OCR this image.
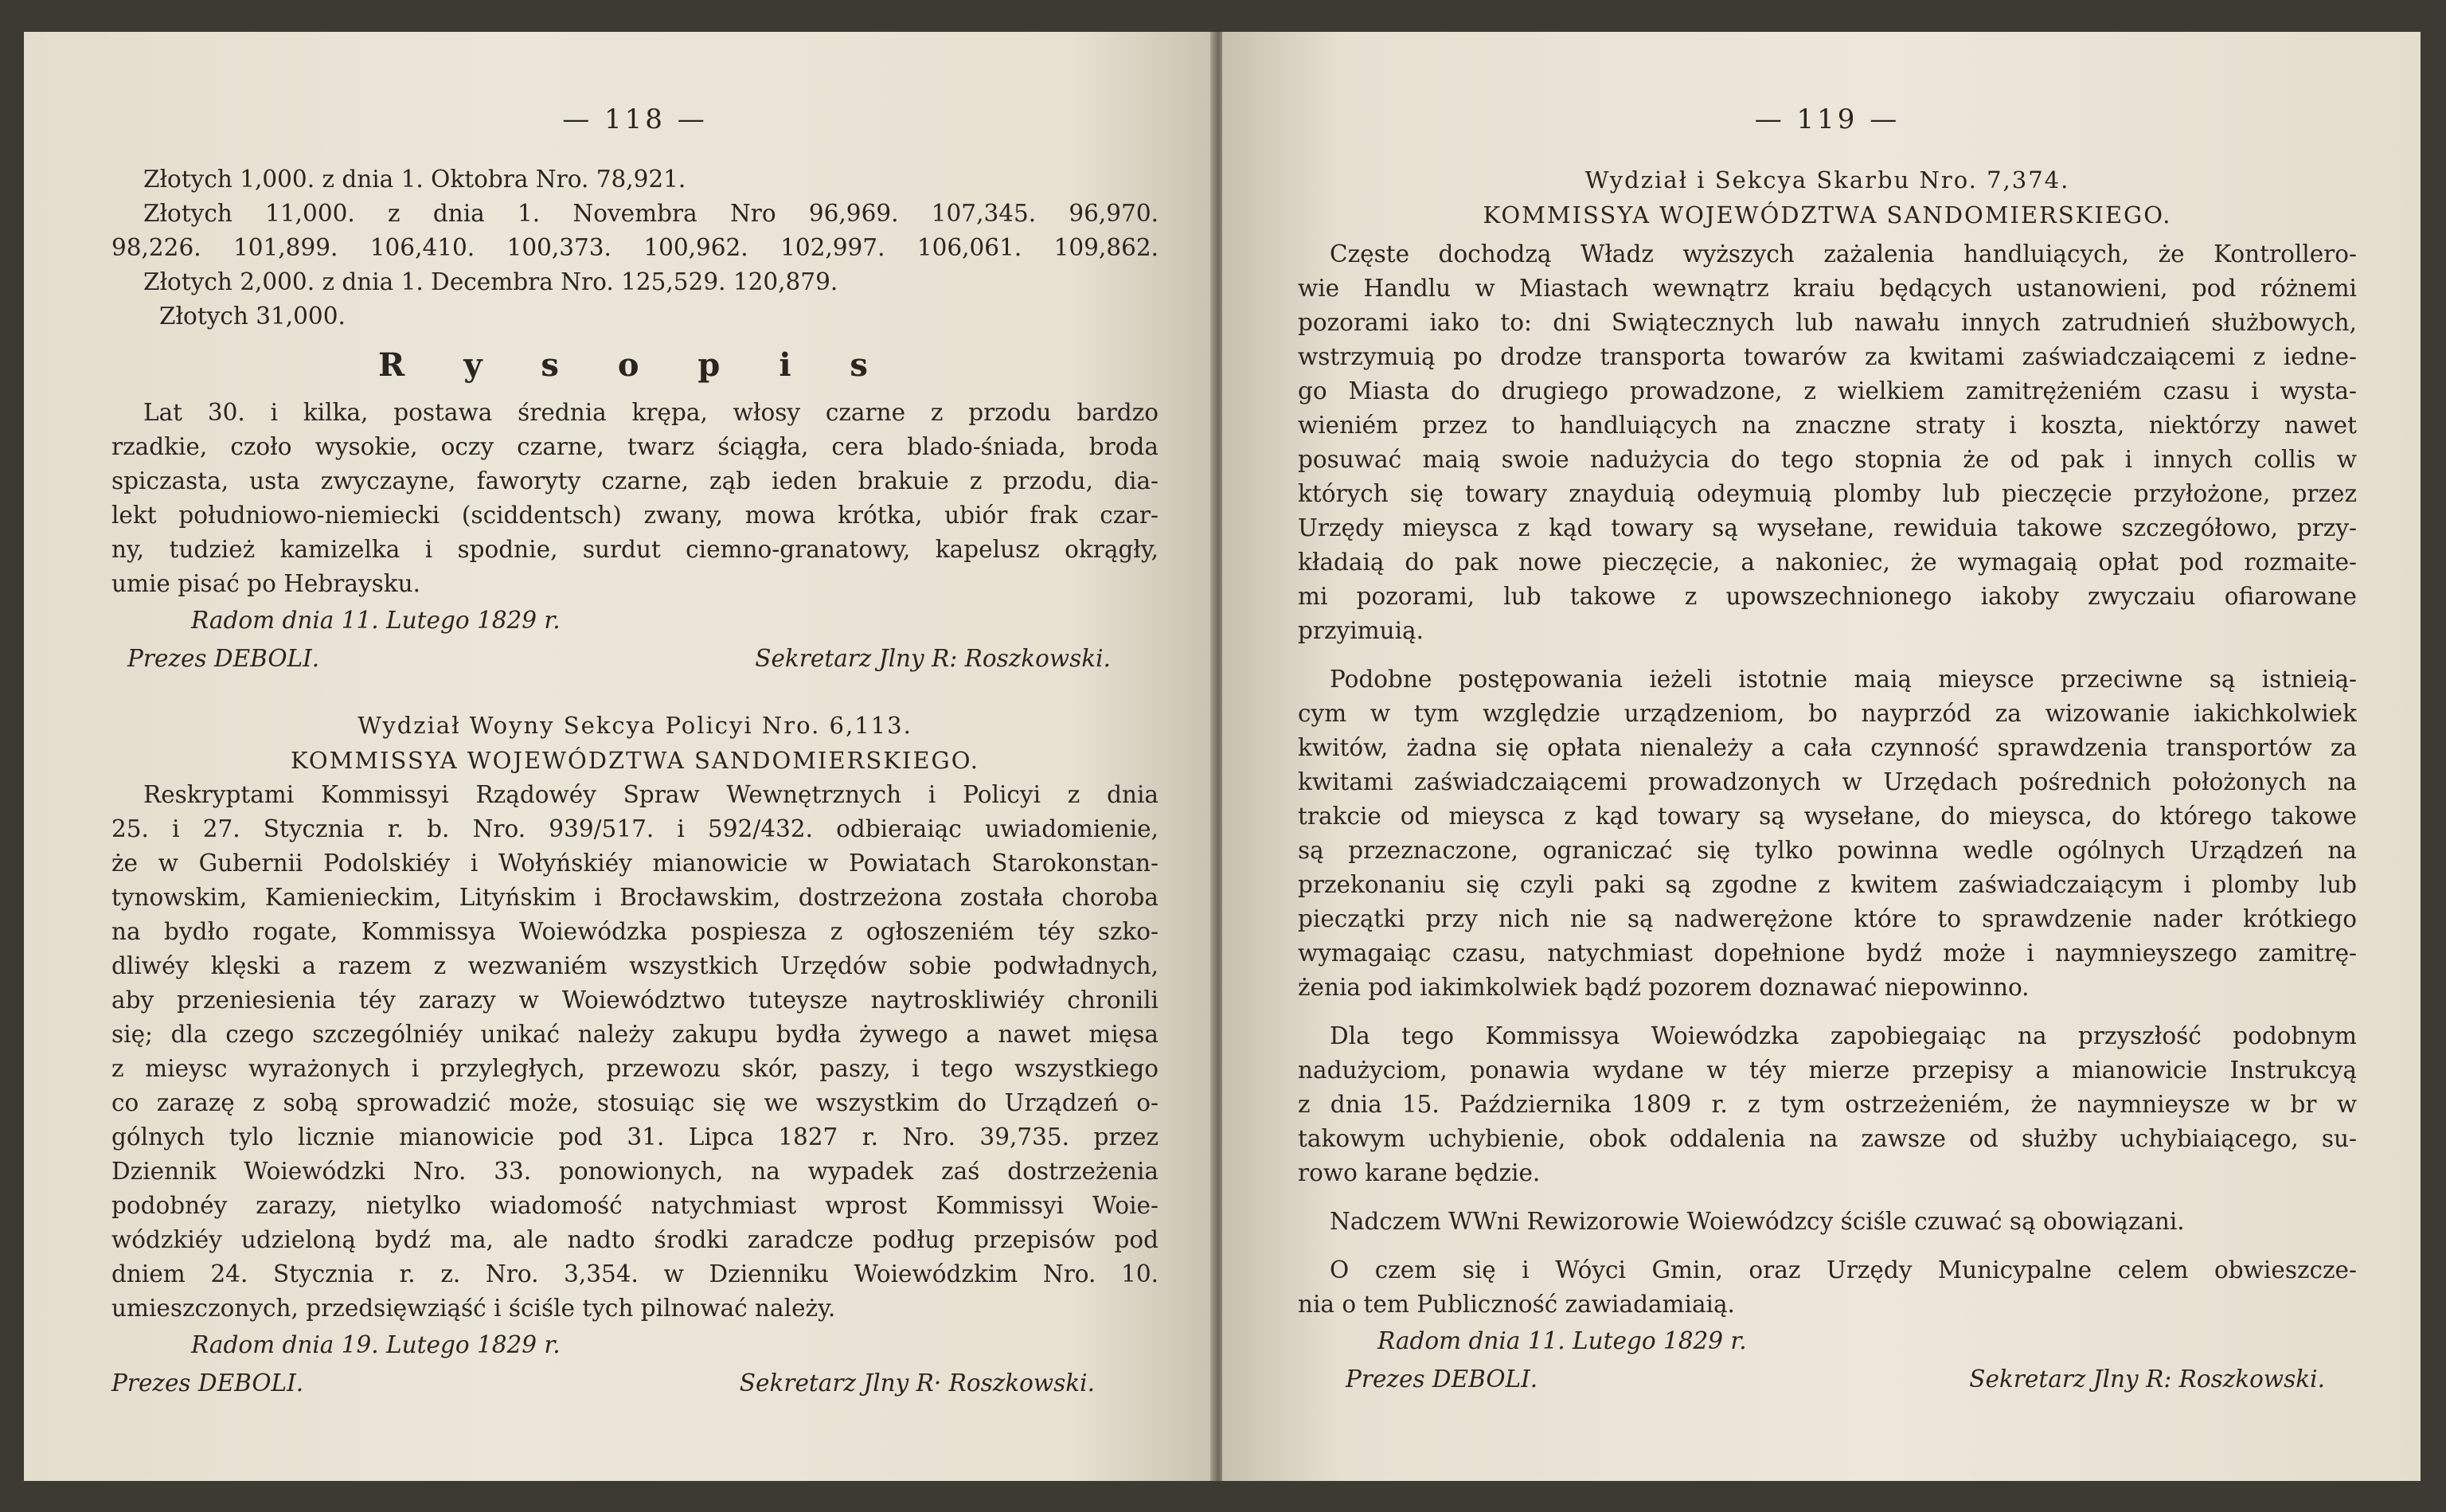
— 118 —
Złotych 1,000. z dnia 1. Oktobra Nro. 78,921.
Złotych 11,000. z dnia 1. Novembra Nro 96,969. 107,345. 96,970.
98,226. 101,899. 106,410. 100,373. 100,962. 102,997. 106,061. 109,862.
Złotych 2,000. z dnia 1. Decembra Nro. 125,529. 120,879.
Złotych 31,000.
R y s o p i s
Lat 30. i kilka, postawa średnia krępa, włosy czarne z przodu bardzo
rzadkie, czoło wysokie, oczy czarne, twarz ściągła, cera blado-śniada, broda
spiczasta, usta zwyczayne, faworyty czarne, ząb ieden brakuie z przodu, dia-
lekt południowo-niemiecki (sciddentsch) zwany, mowa krótka, ubiór frak czar-
ny, tudzież kamizelka i spodnie, surdut ciemno-granatowy, kapelusz okrągły,
umie pisać po Hebraysku.
Radom dnia 11. Lutego 1829 r.
Prezes DEBOLI.	Sekretarz Jlny R: Roszkowski.
Wydział Woyny Sekcya Policyi Nro. 6,113.
KOMMISSYA WOJEWÓDZTWA SANDOMIERSKIEGO.
Reskryptami Kommissyi Rządowéy Spraw Wewnętrznych i Policyi z dnia
25. i 27. Stycznia r. b. Nro. 939/517. i 592/432. odbieraiąc uwiadomienie,
że w Gubernii Podolskiéy i Wołyńskiéy mianowicie w Powiatach Starokonstan-
tynowskim, Kamienieckim, Lityńskim i Brocławskim, dostrzeżona została choroba
na bydło rogate, Kommissya Woiewódzka pospiesza z ogłoszeniém téy szko-
dliwéy klęski a razem z wezwaniém wszystkich Urzędów sobie podwładnych,
aby przeniesienia téy zarazy w Woiewództwo tuteysze naytroskliwiéy chronili
się; dla czego szczególniéy unikać należy zakupu bydła żywego a nawet mięsa
z mieysc wyrażonych i przyległych, przewozu skór, paszy, i tego wszystkiego
co zarazę z sobą sprowadzić może, stosuiąc się we wszystkim do Urządzeń o-
gólnych tylo licznie mianowicie pod 31. Lipca 1827 r. Nro. 39,735. przez
Dziennik Woiewódzki Nro. 33. ponowionych, na wypadek zaś dostrzeżenia
podobnéy zarazy, nietylko wiadomość natychmiast wprost Kommissyi Woie-
wódzkiéy udzieloną bydź ma, ale nadto środki zaradcze podług przepisów pod
dniem 24. Stycznia r. z. Nro. 3,354. w Dzienniku Woiewódzkim Nro. 10.
umieszczonych, przedsięwziąść i ściśle tych pilnować należy.
Radom dnia 19. Lutego 1829 r.
Prezes DEBOLI.	Sekretarz Jlny R· Roszkowski.
— 119 —
Wydział i Sekcya Skarbu Nro. 7,374.
KOMMISSYA WOJEWÓDZTWA SANDOMIERSKIEGO.
Częste dochodzą Władz wyższych zażalenia handluiących, że Kontrollero-
wie Handlu w Miastach wewnątrz kraiu będących ustanowieni, pod różnemi
pozorami iako to: dni Swiątecznych lub nawału innych zatrudnień służbowych,
wstrzymuią po drodze transporta towarów za kwitami zaświadczaiącemi z iedne-
go Miasta do drugiego prowadzone, z wielkiem zamitrężeniém czasu i wysta-
wieniém przez to handluiących na znaczne straty i koszta, niektórzy nawet
posuwać maią swoie nadużycia do tego stopnia że od pak i innych collis w
których się towary znayduią odeymuią plomby lub pieczęcie przyłożone, przez
Urzędy mieysca z kąd towary są wysełane, rewiduia takowe szczegółowo, przy-
kładaią do pak nowe pieczęcie, a nakoniec, że wymagaią opłat pod rozmaite-
mi pozorami, lub takowe z upowszechnionego iakoby zwyczaiu ofiarowane
przyimuią.
Podobne postępowania ieżeli istotnie maią mieysce przeciwne są istnieią-
cym w tym względzie urządzeniom, bo nayprzód za wizowanie iakichkolwiek
kwitów, żadna się opłata nienależy a cała czynność sprawdzenia transportów za
kwitami zaświadczaiącemi prowadzonych w Urzędach pośrednich położonych na
trakcie od mieysca z kąd towary są wysełane, do mieysca, do którego takowe
są przeznaczone, ograniczać się tylko powinna wedle ogólnych Urządzeń na
przekonaniu się czyli paki są zgodne z kwitem zaświadczaiącym i plomby lub
pieczątki przy nich nie są nadwerężone które to sprawdzenie nader krótkiego
wymagaiąc czasu, natychmiast dopełnione bydź może i naymnieyszego zamitrę-
żenia pod iakimkolwiek bądź pozorem doznawać niepowinno.
Dla tego Kommissya Woiewódzka zapobiegaiąc na przyszłość podobnym
nadużyciom, ponawia wydane w téy mierze przepisy a mianowicie Instrukcyą
z dnia 15. Października 1809 r. z tym ostrzeżeniém, że naymnieysze w br w
takowym uchybienie, obok oddalenia na zawsze od służby uchybiaiącego, su-
rowo karane będzie.
Nadczem WWni Rewizorowie Woiewódzcy ściśle czuwać są obowiązani.
O czem się i Wóyci Gmin, oraz Urzędy Municypalne celem obwieszcze-
nia o tem Publiczność zawiadamiaią.
Radom dnia 11. Lutego 1829 r.
Prezes DEBOLI.	Sekretarz Jlny R: Roszkowski.
